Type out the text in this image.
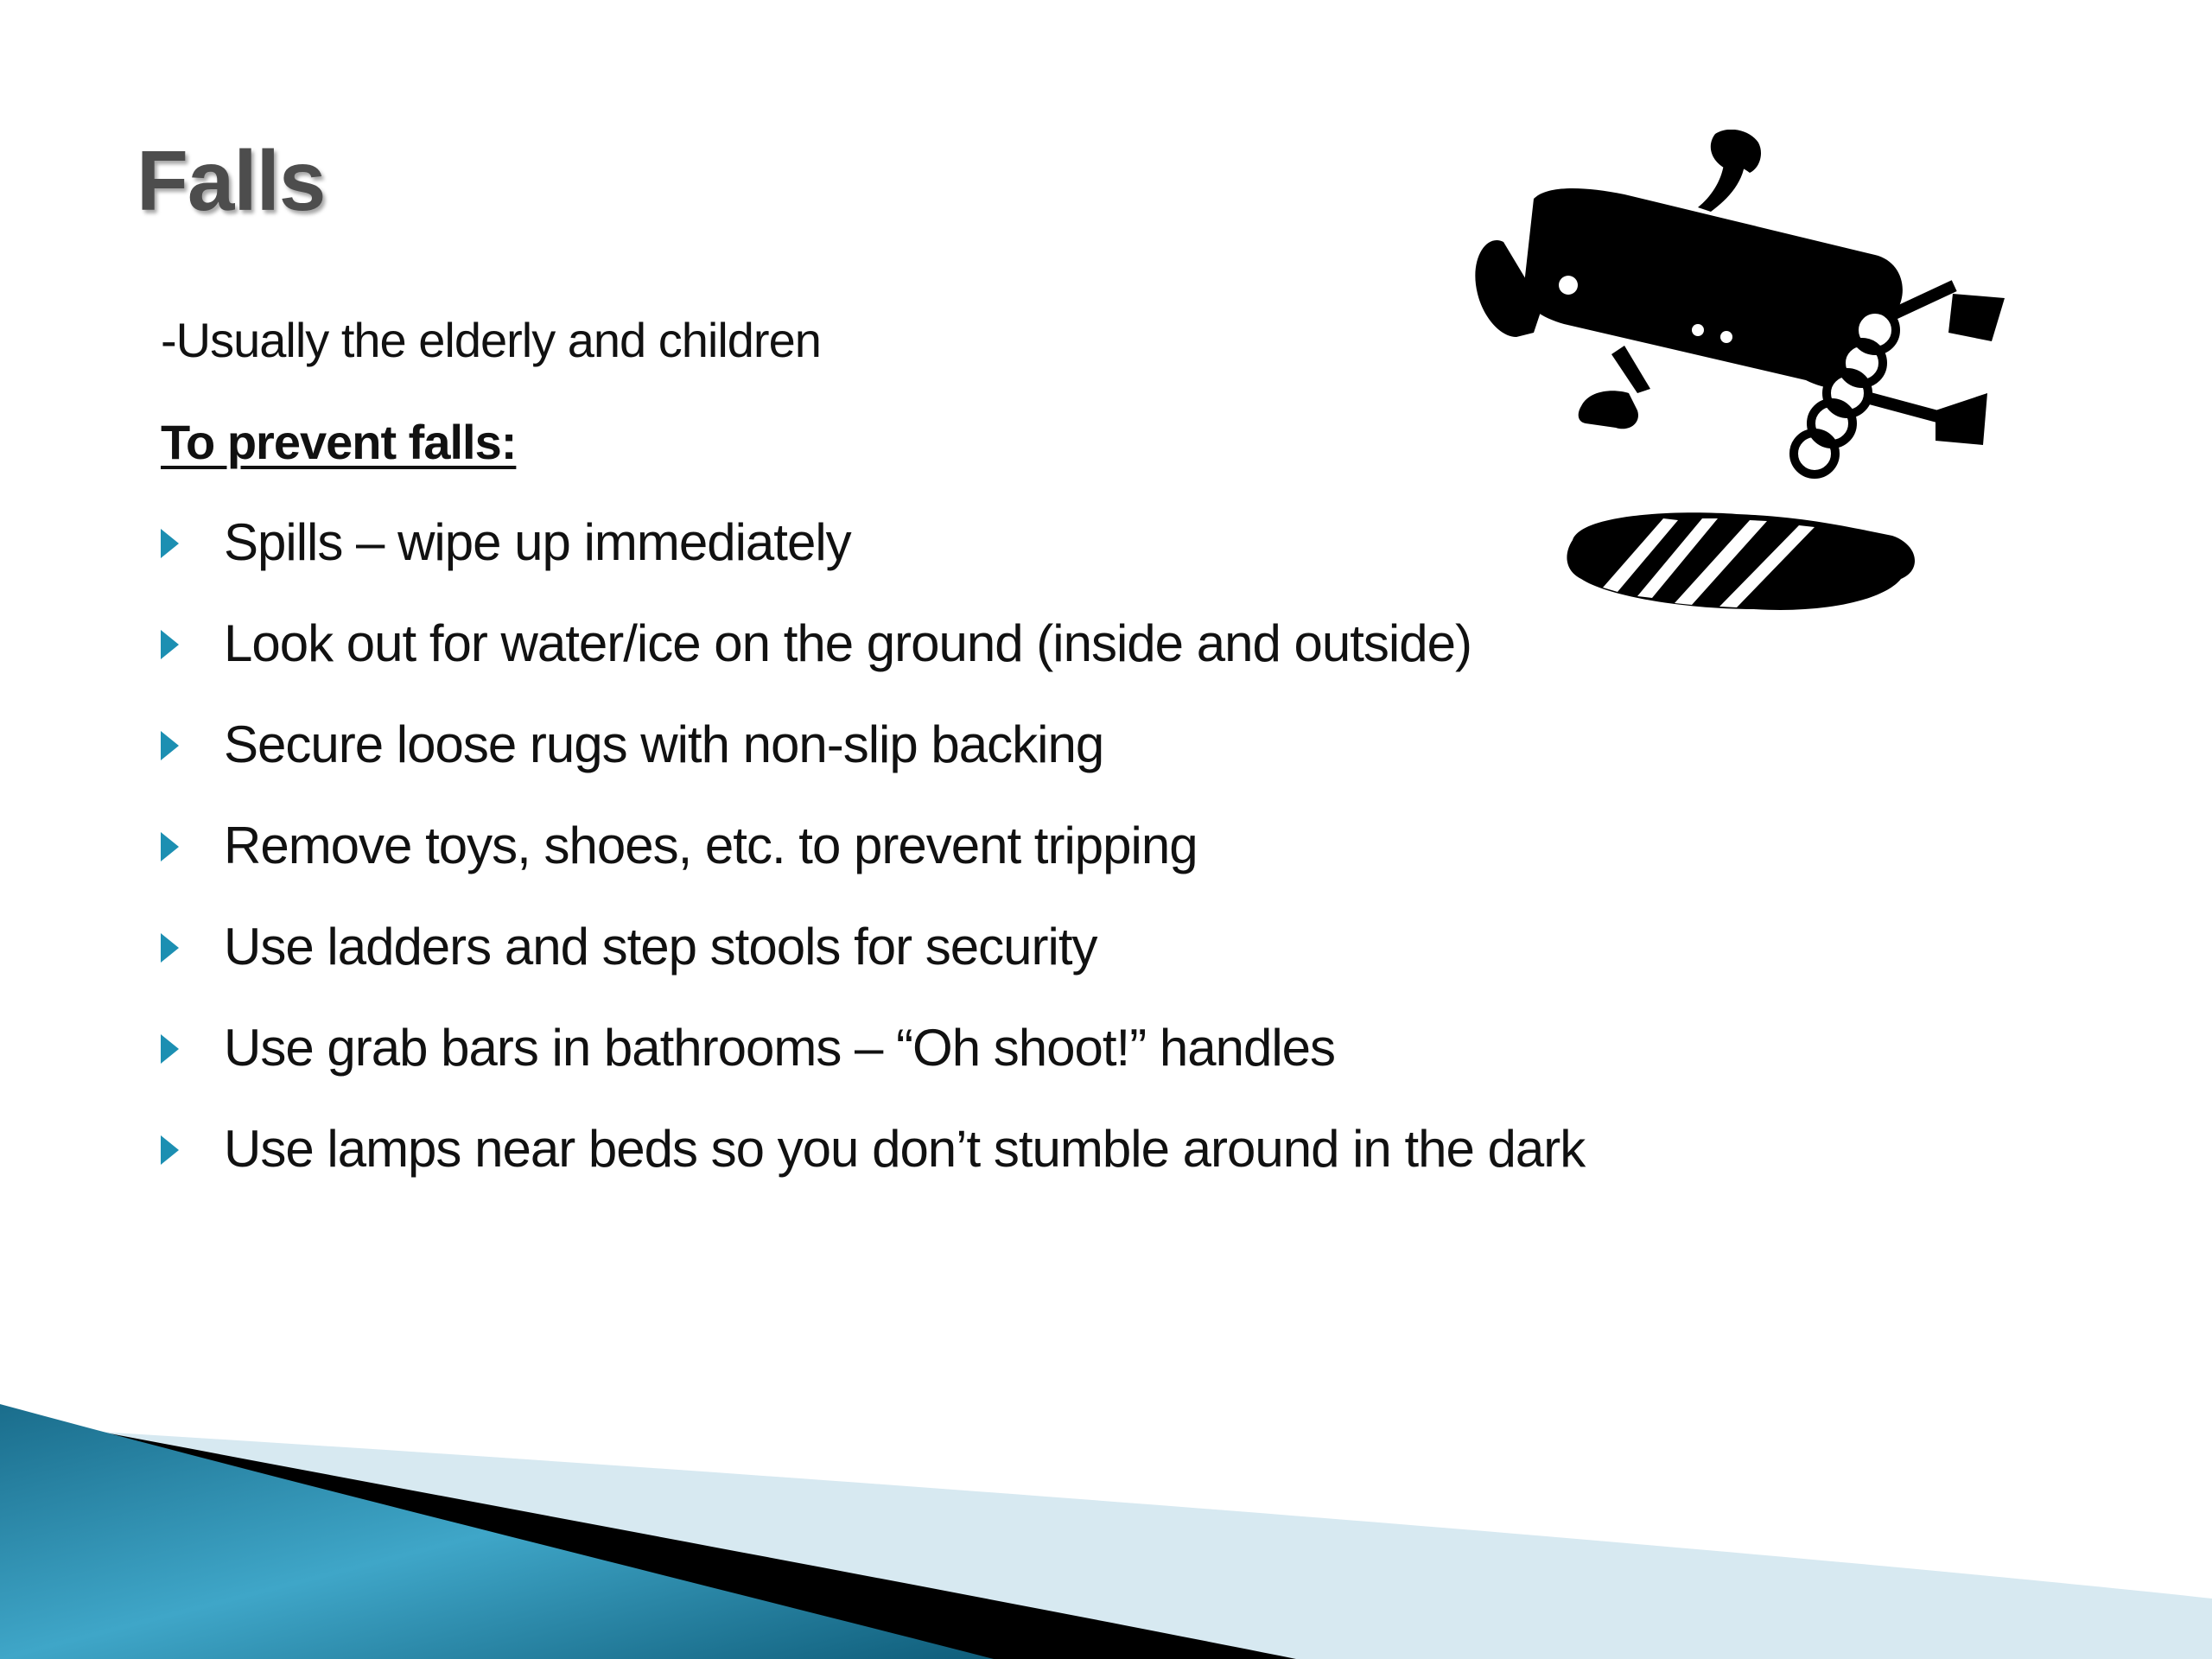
Falls
-Usually the elderly and children
To prevent falls:
Spills – wipe up immediately
Look out for water/ice on the ground (inside and outside)
Secure loose rugs with non-slip backing
Remove toys, shoes, etc. to prevent tripping
Use ladders and step stools for security
Use grab bars in bathrooms – “Oh shoot!” handles
Use lamps near beds so you don’t stumble around in the dark
